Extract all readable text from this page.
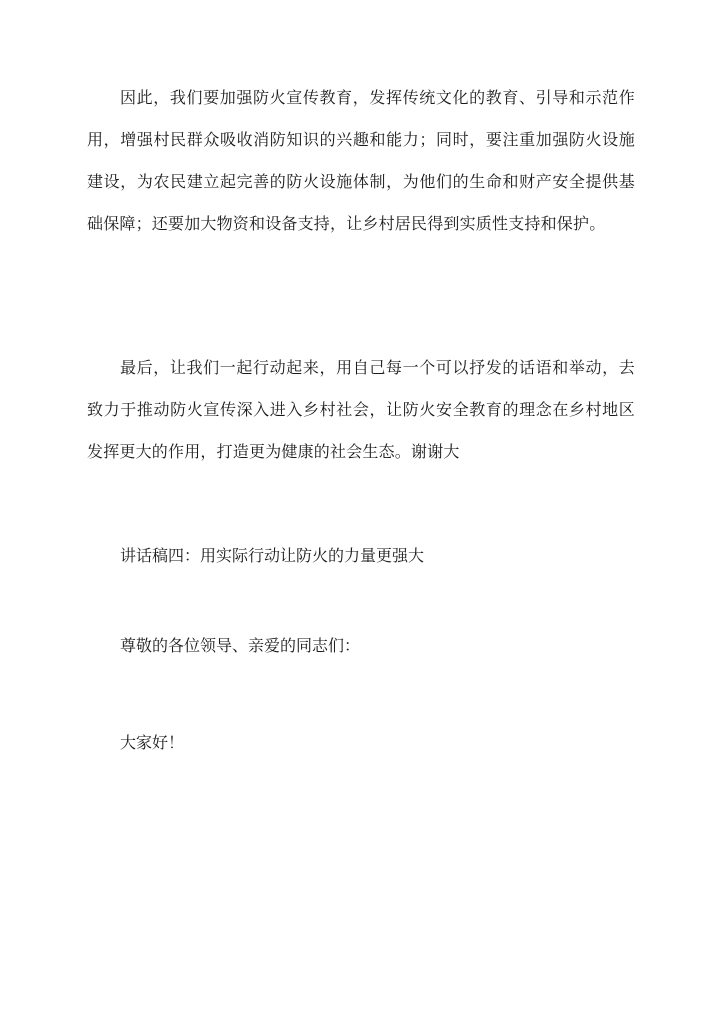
因此，我们要加强防火宣传教育，发挥传统文化的教育、引导和示范作用，增强村民群众吸收消防知识的兴趣和能力；同时，要注重加强防火设施建设，为农民建立起完善的防火设施体制，为他们的生命和财产安全提供基础保障；还要加大物资和设备支持，让乡村居民得到实质性支持和保护。

最后，让我们一起行动起来，用自己每一个可以抒发的话语和举动，去致力于推动防火宣传深入进入乡村社会，让防火安全教育的理念在乡村地区发挥更大的作用，打造更为健康的社会生态。谢谢大

讲话稿四：用实际行动让防火的力量更强大

尊敬的各位领导、亲爱的同志们：

大家好！
